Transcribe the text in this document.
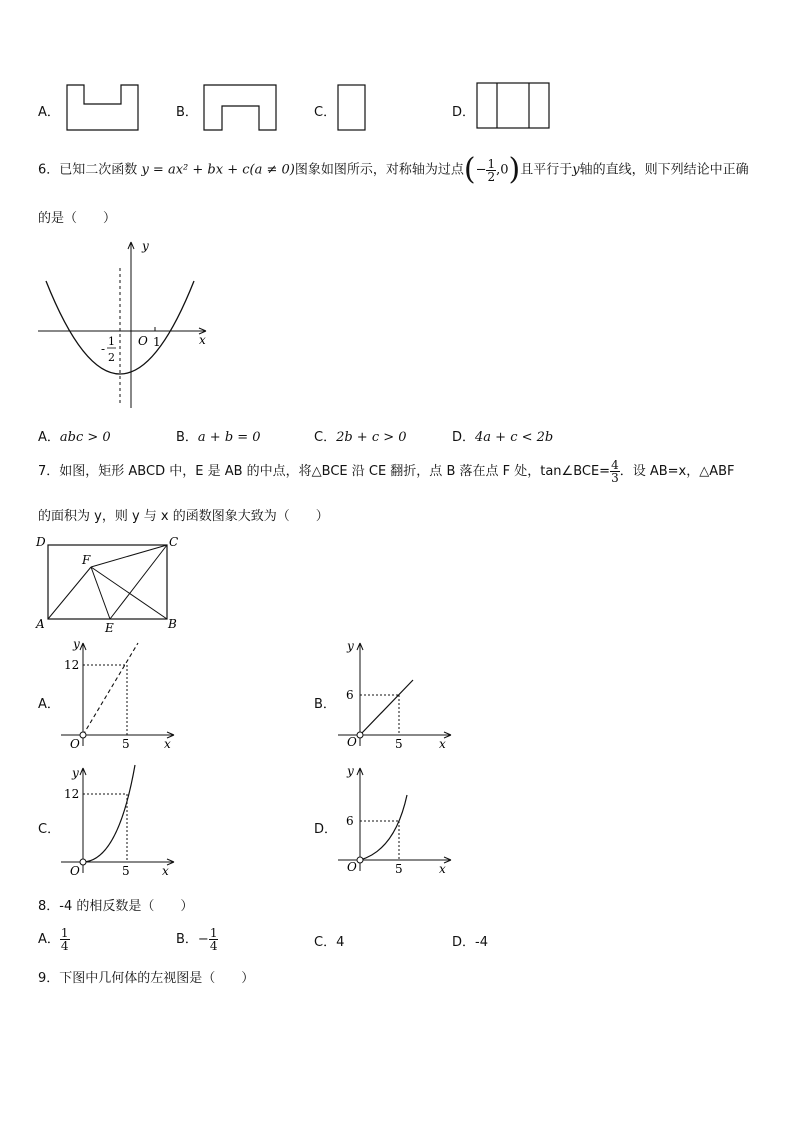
A．	B．	C．	D．
6．已知二次函数 y = ax² + bx + c(a ≠ 0)图象如图所示，对称轴为过点(− $\frac{1}{2} ,0$)且平行于y轴的直线，则下列结论中正确
的是（　　）
y
x
O 1
-
1
2
A．abc > 0	B．a + b = 0	C．2b + c > 0	D．4a + c < 2b
7．如图，矩形 ABCD 中，E 是 AB 的中点，将△BCE 沿 CE 翻折，点 B 落在点 F 处，tan∠BCE= $\frac{4}{3}$ ．设 AB=x，△ABF
的面积为 y，则 y 与 x 的函数图象大致为（　　）
D	C
F
A	E	B
A．
12
5
O	x
y
B．
6
5
O	x
y
C．
12
5
O	x
y
D．
6
5
O	x
y
8．-4 的相反数是（　　）
A． $\frac{1}{4}$	B．− $\frac{1}{4}$	C．4	D．-4
9．下图中几何体的左视图是（　　）
